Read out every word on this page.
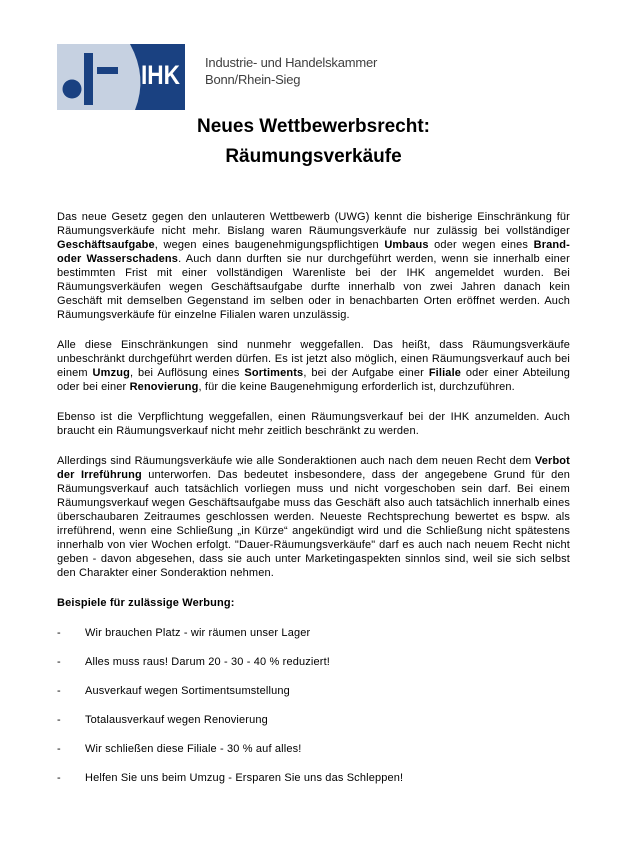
IHK Industrie- und Handelskammer
Bonn/Rhein-Sieg
Neues Wettbewerbsrecht:
Räumungsverkäufe

Das neue Gesetz gegen den unlauteren Wettbewerb (UWG) kennt die bisherige Einschränkung für Räumungsverkäufe nicht mehr. Bislang waren Räumungsverkäufe nur zulässig bei vollständiger Geschäftsaufgabe, wegen eines baugenehmigungspflichtigen Umbaus oder wegen eines Brand- oder Wasserschadens. Auch dann durften sie nur durchgeführt werden, wenn sie innerhalb einer bestimmten Frist mit einer vollständigen Warenliste bei der IHK angemeldet wurden. Bei Räumungsverkäufen wegen Geschäftsaufgabe durfte innerhalb von zwei Jahren danach kein Geschäft mit demselben Gegenstand im selben oder in benachbarten Orten eröffnet werden. Auch Räumungsverkäufe für einzelne Filialen waren unzulässig.

Alle diese Einschränkungen sind nunmehr weggefallen. Das heißt, dass Räumungsverkäufe unbeschränkt durchgeführt werden dürfen. Es ist jetzt also möglich, einen Räumungsverkauf auch bei einem Umzug, bei Auflösung eines Sortiments, bei der Aufgabe einer Filiale oder einer Abteilung oder bei einer Renovierung, für die keine Baugenehmigung erforderlich ist, durchzuführen.

Ebenso ist die Verpflichtung weggefallen, einen Räumungsverkauf bei der IHK anzumelden. Auch braucht ein Räumungsverkauf nicht mehr zeitlich beschränkt zu werden.

Allerdings sind Räumungsverkäufe wie alle Sonderaktionen auch nach dem neuen Recht dem Verbot der Irreführung unterworfen. Das bedeutet insbesondere, dass der angegebene Grund für den Räumungsverkauf auch tatsächlich vorliegen muss und nicht vorgeschoben sein darf. Bei einem Räumungsverkauf wegen Geschäftsaufgabe muss das Geschäft also auch tatsächlich innerhalb eines überschaubaren Zeitraumes geschlossen werden. Neueste Rechtsprechung bewertet es bspw. als irreführend, wenn eine Schließung „in Kürze“ angekündigt wird und die Schließung nicht spätestens innerhalb von vier Wochen erfolgt. "Dauer-Räumungsverkäufe" darf es auch nach neuem Recht nicht geben - davon abgesehen, dass sie auch unter Marketingaspekten sinnlos sind, weil sie sich selbst den Charakter einer Sonderaktion nehmen.

Beispiele für zulässige Werbung:

-	Wir brauchen Platz - wir räumen unser Lager
-	Alles muss raus! Darum 20 - 30 - 40 % reduziert!
-	Ausverkauf wegen Sortimentsumstellung
-	Totalausverkauf wegen Renovierung
-	Wir schließen diese Filiale - 30 % auf alles!
-	Helfen Sie uns beim Umzug - Ersparen Sie uns das Schleppen!
